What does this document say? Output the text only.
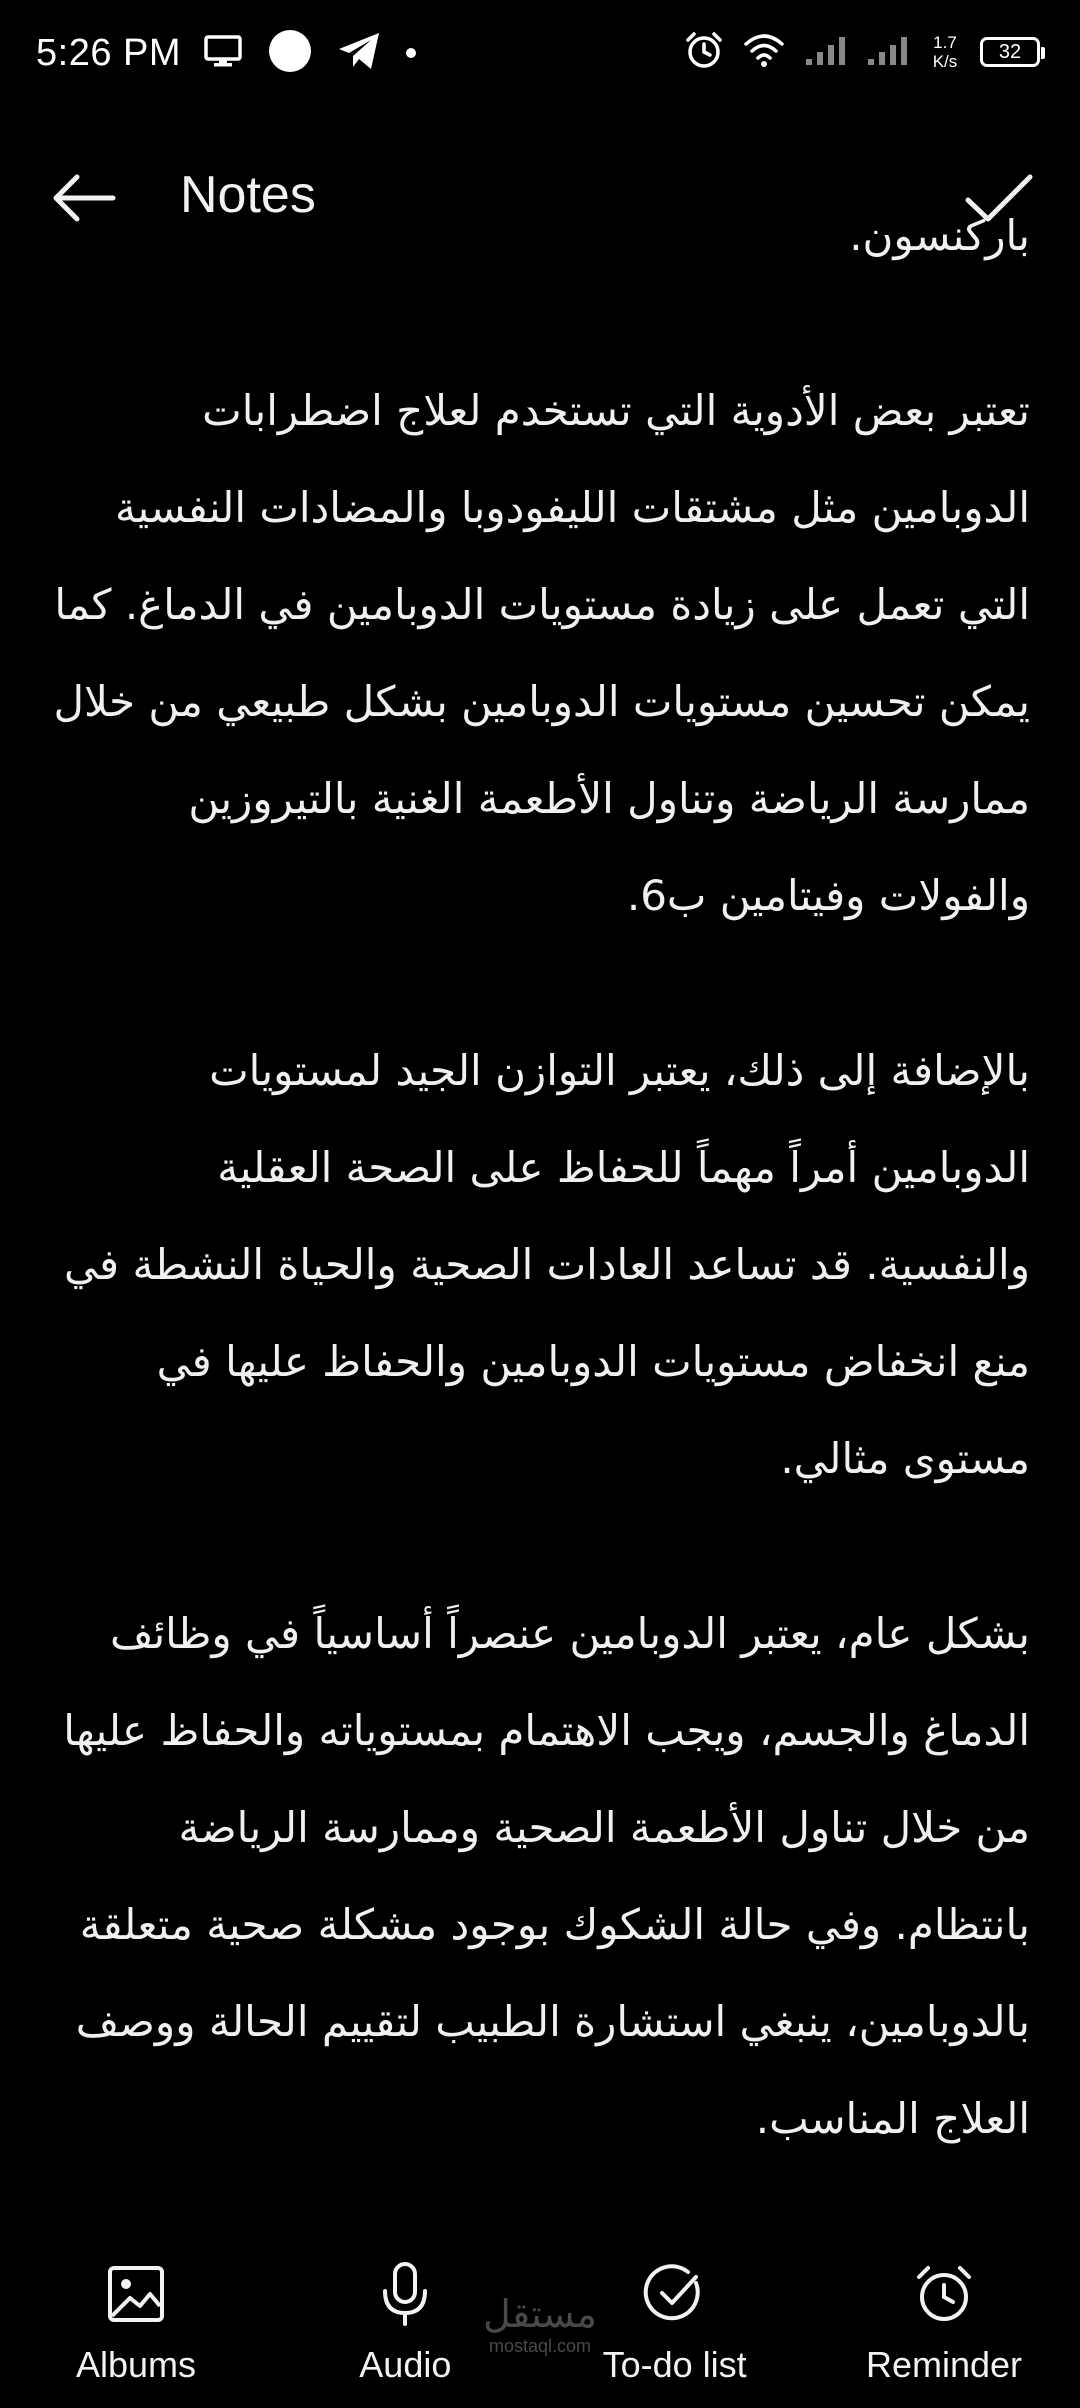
5:26 PM	1.7
K/s 32
Notes

باركنسون.

تعتبر بعض الأدوية التي تستخدم لعلاج اضطرابات الدوبامين مثل مشتقات الليفودوبا والمضادات النفسية التي تعمل على زيادة مستويات الدوبامين في الدماغ. كما يمكن تحسين مستويات الدوبامين بشكل طبيعي من خلال ممارسة الرياضة وتناول الأطعمة الغنية بالتيروزين والفولات وفيتامين ب6.

بالإضافة إلى ذلك، يعتبر التوازن الجيد لمستويات الدوبامين أمراً مهماً للحفاظ على الصحة العقلية والنفسية. قد تساعد العادات الصحية والحياة النشطة في منع انخفاض مستويات الدوبامين والحفاظ عليها في مستوى مثالي.

بشكل عام، يعتبر الدوبامين عنصراً أساسياً في وظائف الدماغ والجسم، ويجب الاهتمام بمستوياته والحفاظ عليها من خلال تناول الأطعمة الصحية وممارسة الرياضة بانتظام. وفي حالة الشكوك بوجود مشكلة صحية متعلقة بالدوبامين، ينبغي استشارة الطبيب لتقييم الحالة ووصف العلاج المناسب.

Albums	Audio	To-do list	Reminder
مستقل
mostaql.com
